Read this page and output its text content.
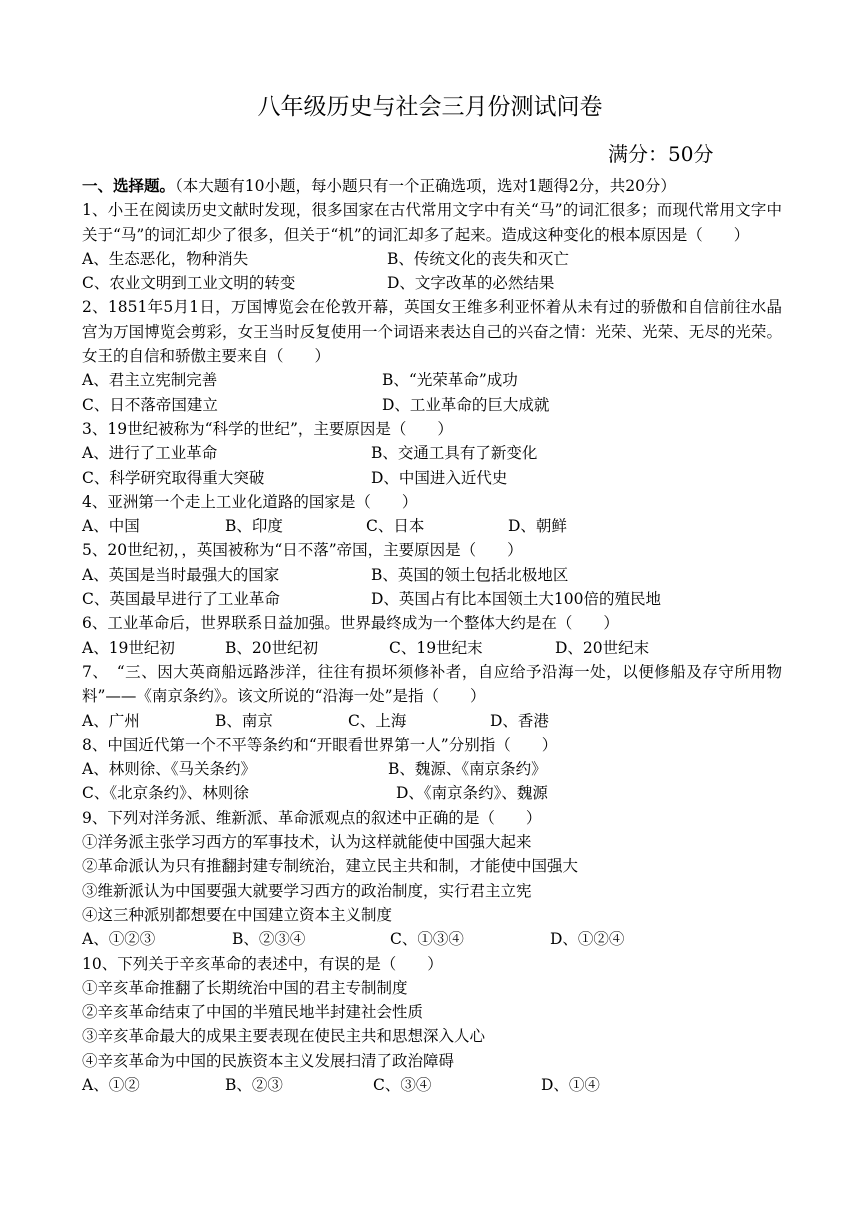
八年级历史与社会三月份测试问卷
满分：50分
一、选择题。（本大题有10小题，每小题只有一个正确选项，选对1题得2分，共20分）
1、小王在阅读历史文献时发现，很多国家在古代常用文字中有关“马”的词汇很多；而现代常用文字中关于“马”的词汇却少了很多，但关于“机”的词汇却多了起来。造成这种变化的根本原因是（　　）
A、生态恶化，物种消失	B、传统文化的丧失和灭亡
C、农业文明到工业文明的转变	D、文字改革的必然结果
2、1851年5月1日，万国博览会在伦敦开幕，英国女王维多利亚怀着从未有过的骄傲和自信前往水晶宫为万国博览会剪彩，女王当时反复使用一个词语来表达自己的兴奋之情：光荣、光荣、无尽的光荣。女王的自信和骄傲主要来自（　　）
A、君主立宪制完善	B、“光荣革命”成功
C、日不落帝国建立	D、工业革命的巨大成就
3、19世纪被称为“科学的世纪”，主要原因是（　　）
A、进行了工业革命	B、交通工具有了新变化
C、科学研究取得重大突破	D、中国进入近代史
4、亚洲第一个走上工业化道路的国家是（　　）
A、中国	B、印度	C、日本	D、朝鲜
5、20世纪初，，英国被称为“日不落”帝国，主要原因是（　　）
A、英国是当时最强大的国家	B、英国的领土包括北极地区
C、英国最早进行了工业革命	D、英国占有比本国领土大100倍的殖民地
6、工业革命后，世界联系日益加强。世界最终成为一个整体大约是在（　　）
A、19世纪初	B、20世纪初	C、19世纪末	D、20世纪末
7、　“三、因大英商船远路涉洋，往往有损坏须修补者，自应给予沿海一处，以便修船及存守所用物料”——《南京条约》。该文所说的“沿海一处”是指（　　）
A、广州	B、南京	C、上海	D、香港
8、中国近代第一个不平等条约和“开眼看世界第一人”分别指（　　）
A、林则徐、《马关条约》	B、魏源、《南京条约》
C、《北京条约》、林则徐	D、《南京条约》、魏源
9、下列对洋务派、维新派、革命派观点的叙述中正确的是（　　）
①洋务派主张学习西方的军事技术，认为这样就能使中国强大起来
②革命派认为只有推翻封建专制统治，建立民主共和制，才能使中国强大
③维新派认为中国要强大就要学习西方的政治制度，实行君主立宪
④这三种派别都想要在中国建立资本主义制度
A、①②③	B、②③④	C、①③④	D、①②④
10、下列关于辛亥革命的表述中，有误的是（　　）
①辛亥革命推翻了长期统治中国的君主专制制度
②辛亥革命结束了中国的半殖民地半封建社会性质
③辛亥革命最大的成果主要表现在使民主共和思想深入人心
④辛亥革命为中国的民族资本主义发展扫清了政治障碍
A、①②	B、②③	C、③④	D、①④
